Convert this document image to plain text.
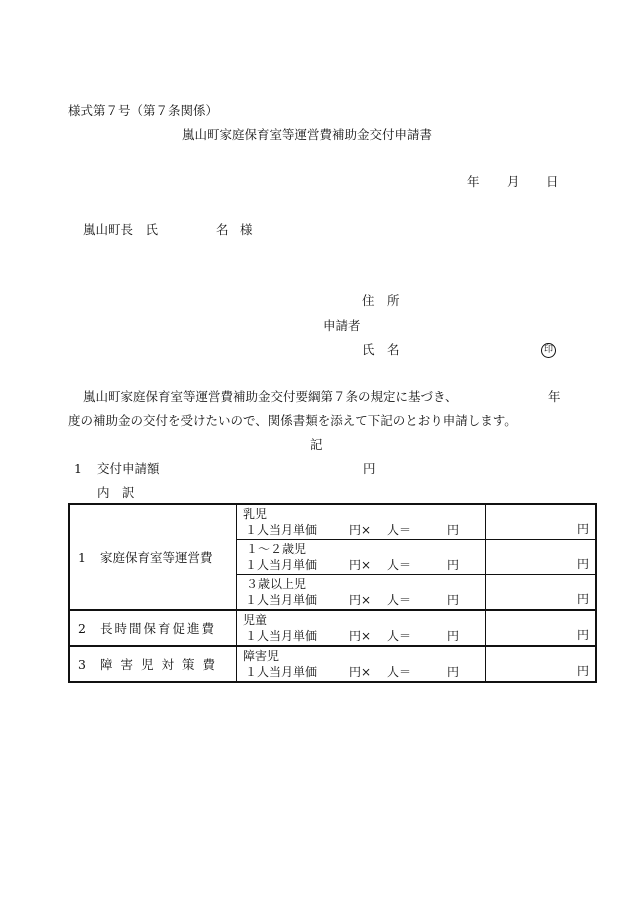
様式第７号（第７条関係）
嵐山町家庭保育室等運営費補助金交付申請書
年 月 日
嵐山町長　氏	名 様
住　所
申請者
氏　名	印
嵐山町家庭保育室等運営費補助金交付要綱第７条の規定に基づき、	年
度の補助金の交付を受けたいので、関係書類を添えて下記のとおり申請します。
記
1 交付申請額	円
内　訳
1 家庭保育室等運営費	乳児
１人当月単価 円× 人＝ 円	円

	１～２歳児
１人当月単価 円× 人＝ 円	円

	３歳以上児
１人当月単価 円× 人＝ 円	円
2 長時間保育促進費	児童
１人当月単価 円× 人＝ 円	円
3 障害児対策費	障害児
１人当月単価 円× 人＝ 円	円
